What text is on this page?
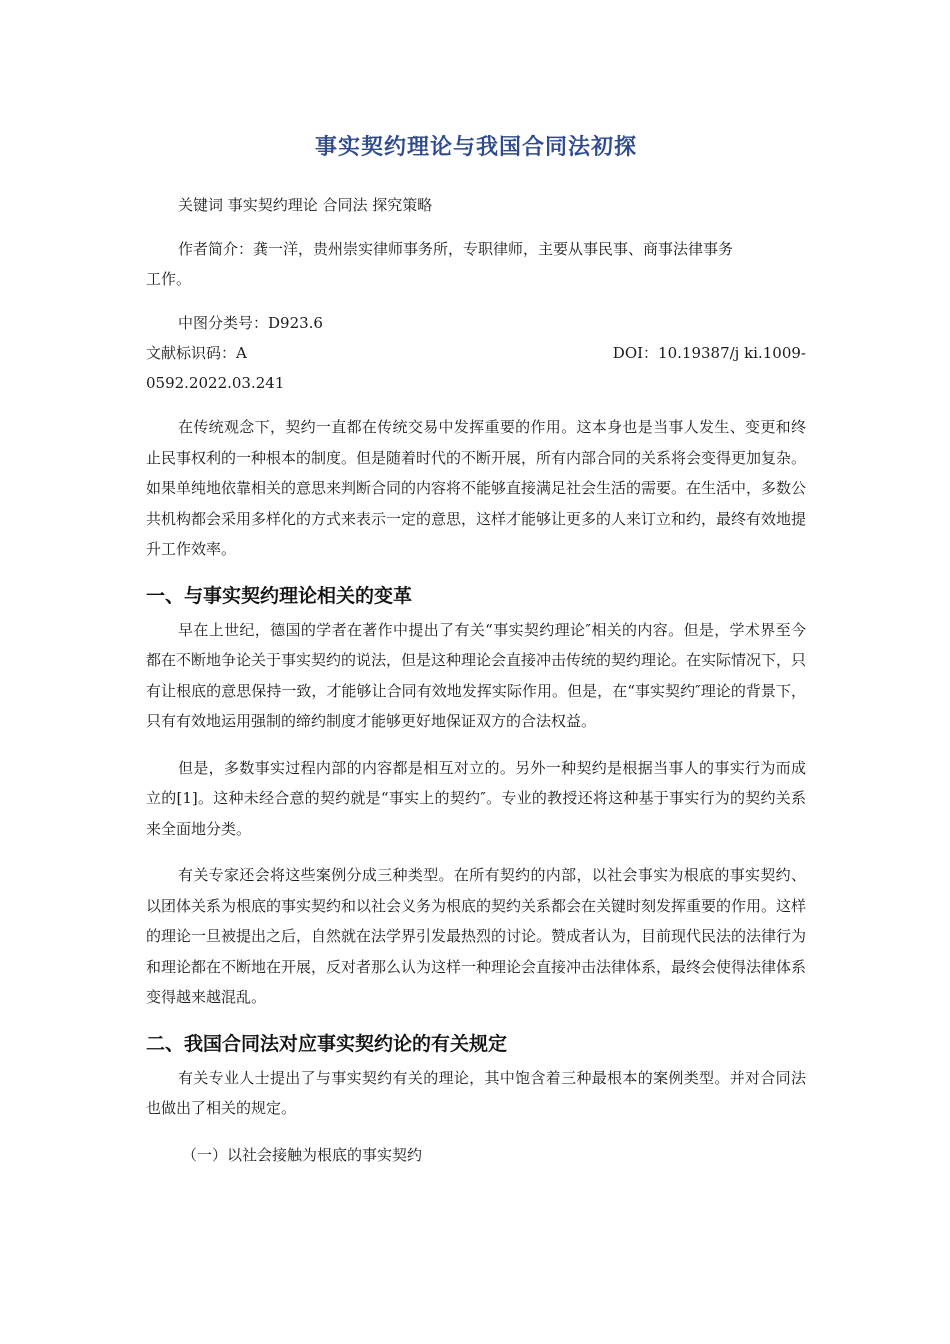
事实契约理论与我国合同法初探

关键词 事实契约理论 合同法 探究策略

作者简介：龚一洋，贵州崇实律师事务所，专职律师，主要从事民事、商事法律事务

工作。

中图分类号：D923.6

文献标识码：A	DOI：10.19387/j ki.1009-

0592.2022.03.241

在传统观念下，契约一直都在传统交易中发挥重要的作用。这本身也是当事人发生、变更和终止民事权利的一种根本的制度。但是随着时代的不断开展，所有内部合同的关系将会变得更加复杂。如果单纯地依靠相关的意思来判断合同的内容将不能够直接满足社会生活的需要。在生活中，多数公共机构都会采用多样化的方式来表示一定的意思，这样才能够让更多的人来订立和约，最终有效地提升工作效率。

一、与事实契约理论相关的变革

早在上世纪，德国的学者在著作中提出了有关“事实契约理论″相关的内容。但是，学术界至今都在不断地争论关于事实契约的说法，但是这种理论会直接冲击传统的契约理论。在实际情况下，只有让根底的意思保持一致，才能够让合同有效地发挥实际作用。但是，在“事实契约″理论的背景下，只有有效地运用强制的缔约制度才能够更好地保证双方的合法权益。

但是，多数事实过程内部的内容都是相互对立的。另外一种契约是根据当事人的事实行为而成立的[1]。这种未经合意的契约就是“事实上的契约″。专业的教授还将这种基于事实行为的契约关系来全面地分类。

有关专家还会将这些案例分成三种类型。在所有契约的内部，以社会事实为根底的事实契约、以团体关系为根底的事实契约和以社会义务为根底的契约关系都会在关键时刻发挥重要的作用。这样的理论一旦被提出之后，自然就在法学界引发最热烈的讨论。赞成者认为，目前现代民法的法律行为和理论都在不断地在开展，反对者那么认为这样一种理论会直接冲击法律体系，最终会使得法律体系变得越来越混乱。

二、我国合同法对应事实契约论的有关规定

有关专业人士提出了与事实契约有关的理论，其中饱含着三种最根本的案例类型。并对合同法也做出了相关的规定。

（一）以社会接触为根底的事实契约
